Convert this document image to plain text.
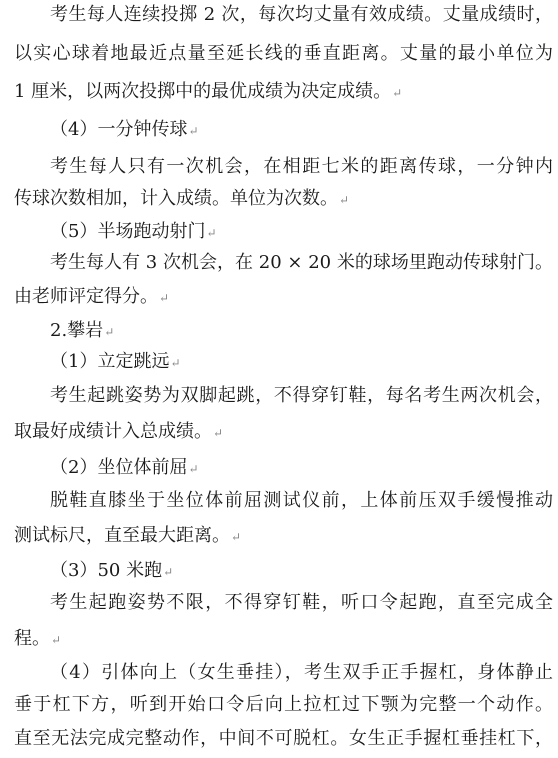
考生每人连续投掷 2 次，每次均丈量有效成绩。丈量成绩时，
以实心球着地最近点量至延长线的垂直距离。丈量的最小单位为
1 厘米，以两次投掷中的最优成绩为决定成绩。↵
（4）一分钟传球↵
考生每人只有一次机会，在相距七米的距离传球，一分钟内
传球次数相加，计入成绩。单位为次数。↵
（5）半场跑动射门↵
考生每人有 3 次机会，在 20 × 20 米的球场里跑动传球射门。
由老师评定得分。↵
2.攀岩↵
（1）立定跳远↵
考生起跳姿势为双脚起跳，不得穿钉鞋，每名考生两次机会，
取最好成绩计入总成绩。↵
（2）坐位体前屈↵
脱鞋直膝坐于坐位体前屈测试仪前，上体前压双手缓慢推动
测试标尺，直至最大距离。↵
（3）50 米跑↵
考生起跑姿势不限，不得穿钉鞋，听口令起跑，直至完成全
程。↵
（4）引体向上（女生垂挂），考生双手正手握杠，身体静止
垂于杠下方，听到开始口令后向上拉杠过下颚为完整一个动作。
直至无法完成完整动作，中间不可脱杠。女生正手握杠垂挂杠下，
